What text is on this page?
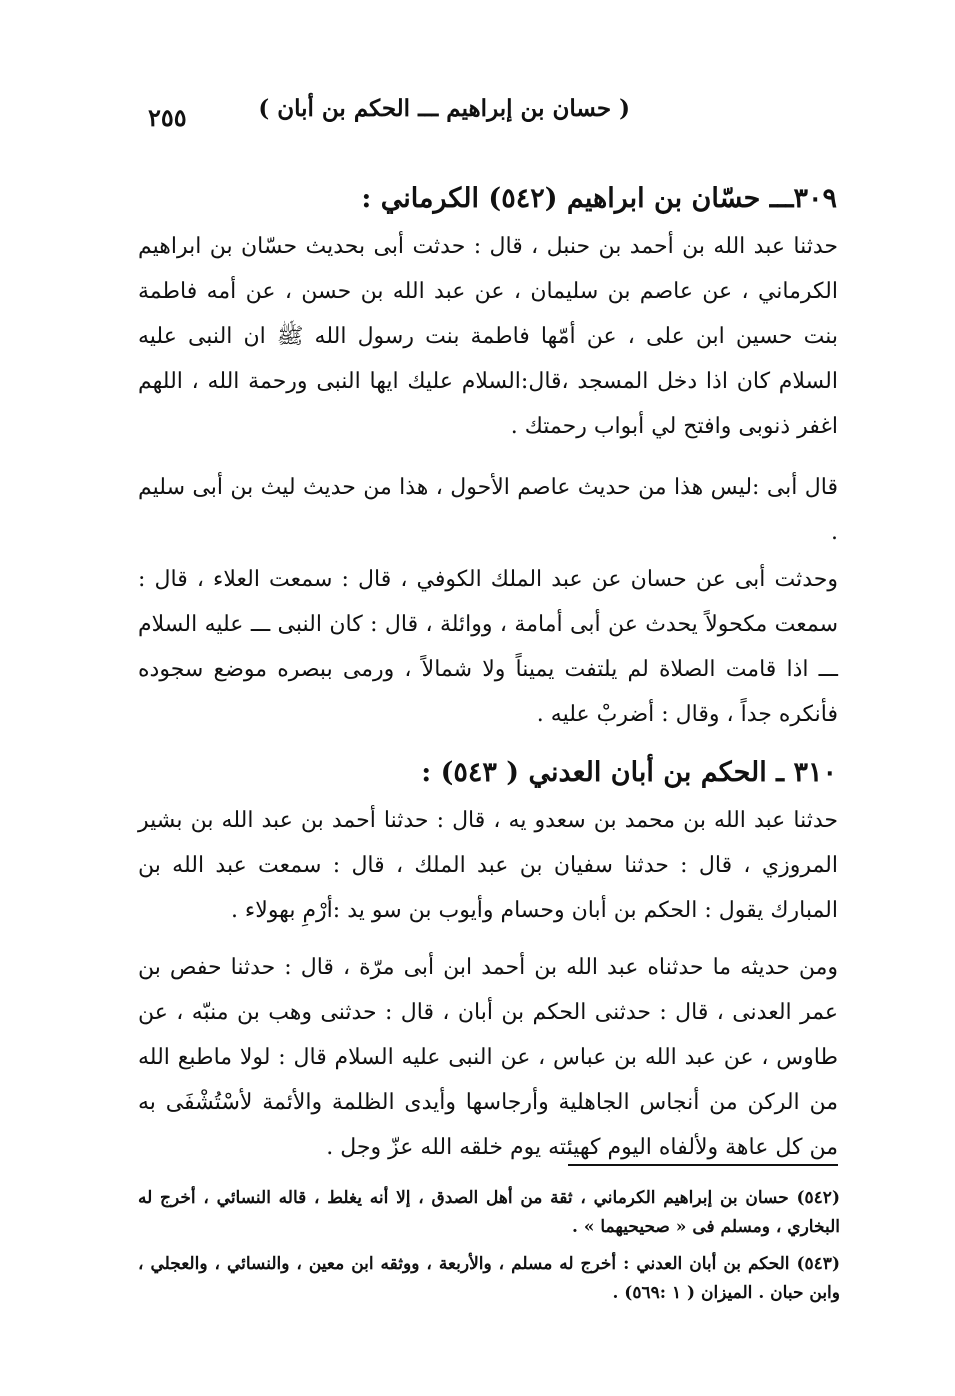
( حسان بن إبراهيم ـــ الحكم بن أبان )
٢٥٥
٣٠٩ـــ حسّان بن ابراهيم (٥٤٢) الكرماني :

حدثنا عبد الله بن أحمد بن حنبل ، قال : حدثت أبى بحديث حسّان بن ابراهيم الكرماني ، عن عاصم بن سليمان ، عن عبد الله بن حسن ، عن أمه فاطمة بنت حسين ابن على ، عن أمّها فاطمة بنت رسول الله ﷺ ان النبى عليه السلام كان اذا دخل المسجد ،قال:السلام عليك ايها النبى ورحمة الله ، اللهم اغفر ذنوبى وافتح لي أبواب رحمتك .

قال أبى :ليس هذا من حديث عاصم الأحول ، هذا من حديث ليث بن أبى سليم .

وحدثت أبى عن حسان عن عبد الملك الكوفي ، قال : سمعت العلاء ، قال : سمعت مكحولاً يحدث عن أبى أمامة ، ووائلة ، قال : كان النبى ـــ عليه السلام ـــ اذا قامت الصلاة لم يلتفت يميناً ولا شمالاً ، ورمى ببصره موضع سجوده فأنكره جداً ، وقال : أضربْ عليه .

٣١٠ ـ الحكم بن أبان العدني ( ٥٤٣) :

حدثنا عبد الله بن محمد بن سعدو يه ، قال : حدثنا أحمد بن عبد الله بن بشير المروزي ، قال : حدثنا سفيان بن عبد الملك ، قال : سمعت عبد الله بن المبارك يقول : الحكم بن أبان وحسام وأيوب بن سو يد :أرْمِ بهولاء .

ومن حديثه ما حدثناه عبد الله بن أحمد ابن أبى مرّة ، قال : حدثنا حفص بن عمر العدنى ، قال : حدثنى الحكم بن أبان ، قال : حدثنى وهب بن منبّه ، عن طاوس ، عن عبد الله بن عباس ، عن النبى عليه السلام قال : لولا ماطبع الله من الركن من أنجاس الجاهلية وأرجاسها وأيدى الظلمة والأئمة لأسْتُشْفَى به من كل عاهة ولألفاه اليوم كهيئته يوم خلقه الله عزّ وجل .

(٥٤٢) حسان بن إبراهيم الكرماني ، ثقة من أهل الصدق ، إلا أنه يغلط ، قاله النسائي ، أخرج له البخاري ، ومسلم فى « صحيحيهما » .

(٥٤٣) الحكم بن أبان العدني : أخرج له مسلم ، والأربعة ، ووثقه ابن معين ، والنسائي ، والعجلي ، وابن حبان . الميزان ( ١ :٥٦٩) .
